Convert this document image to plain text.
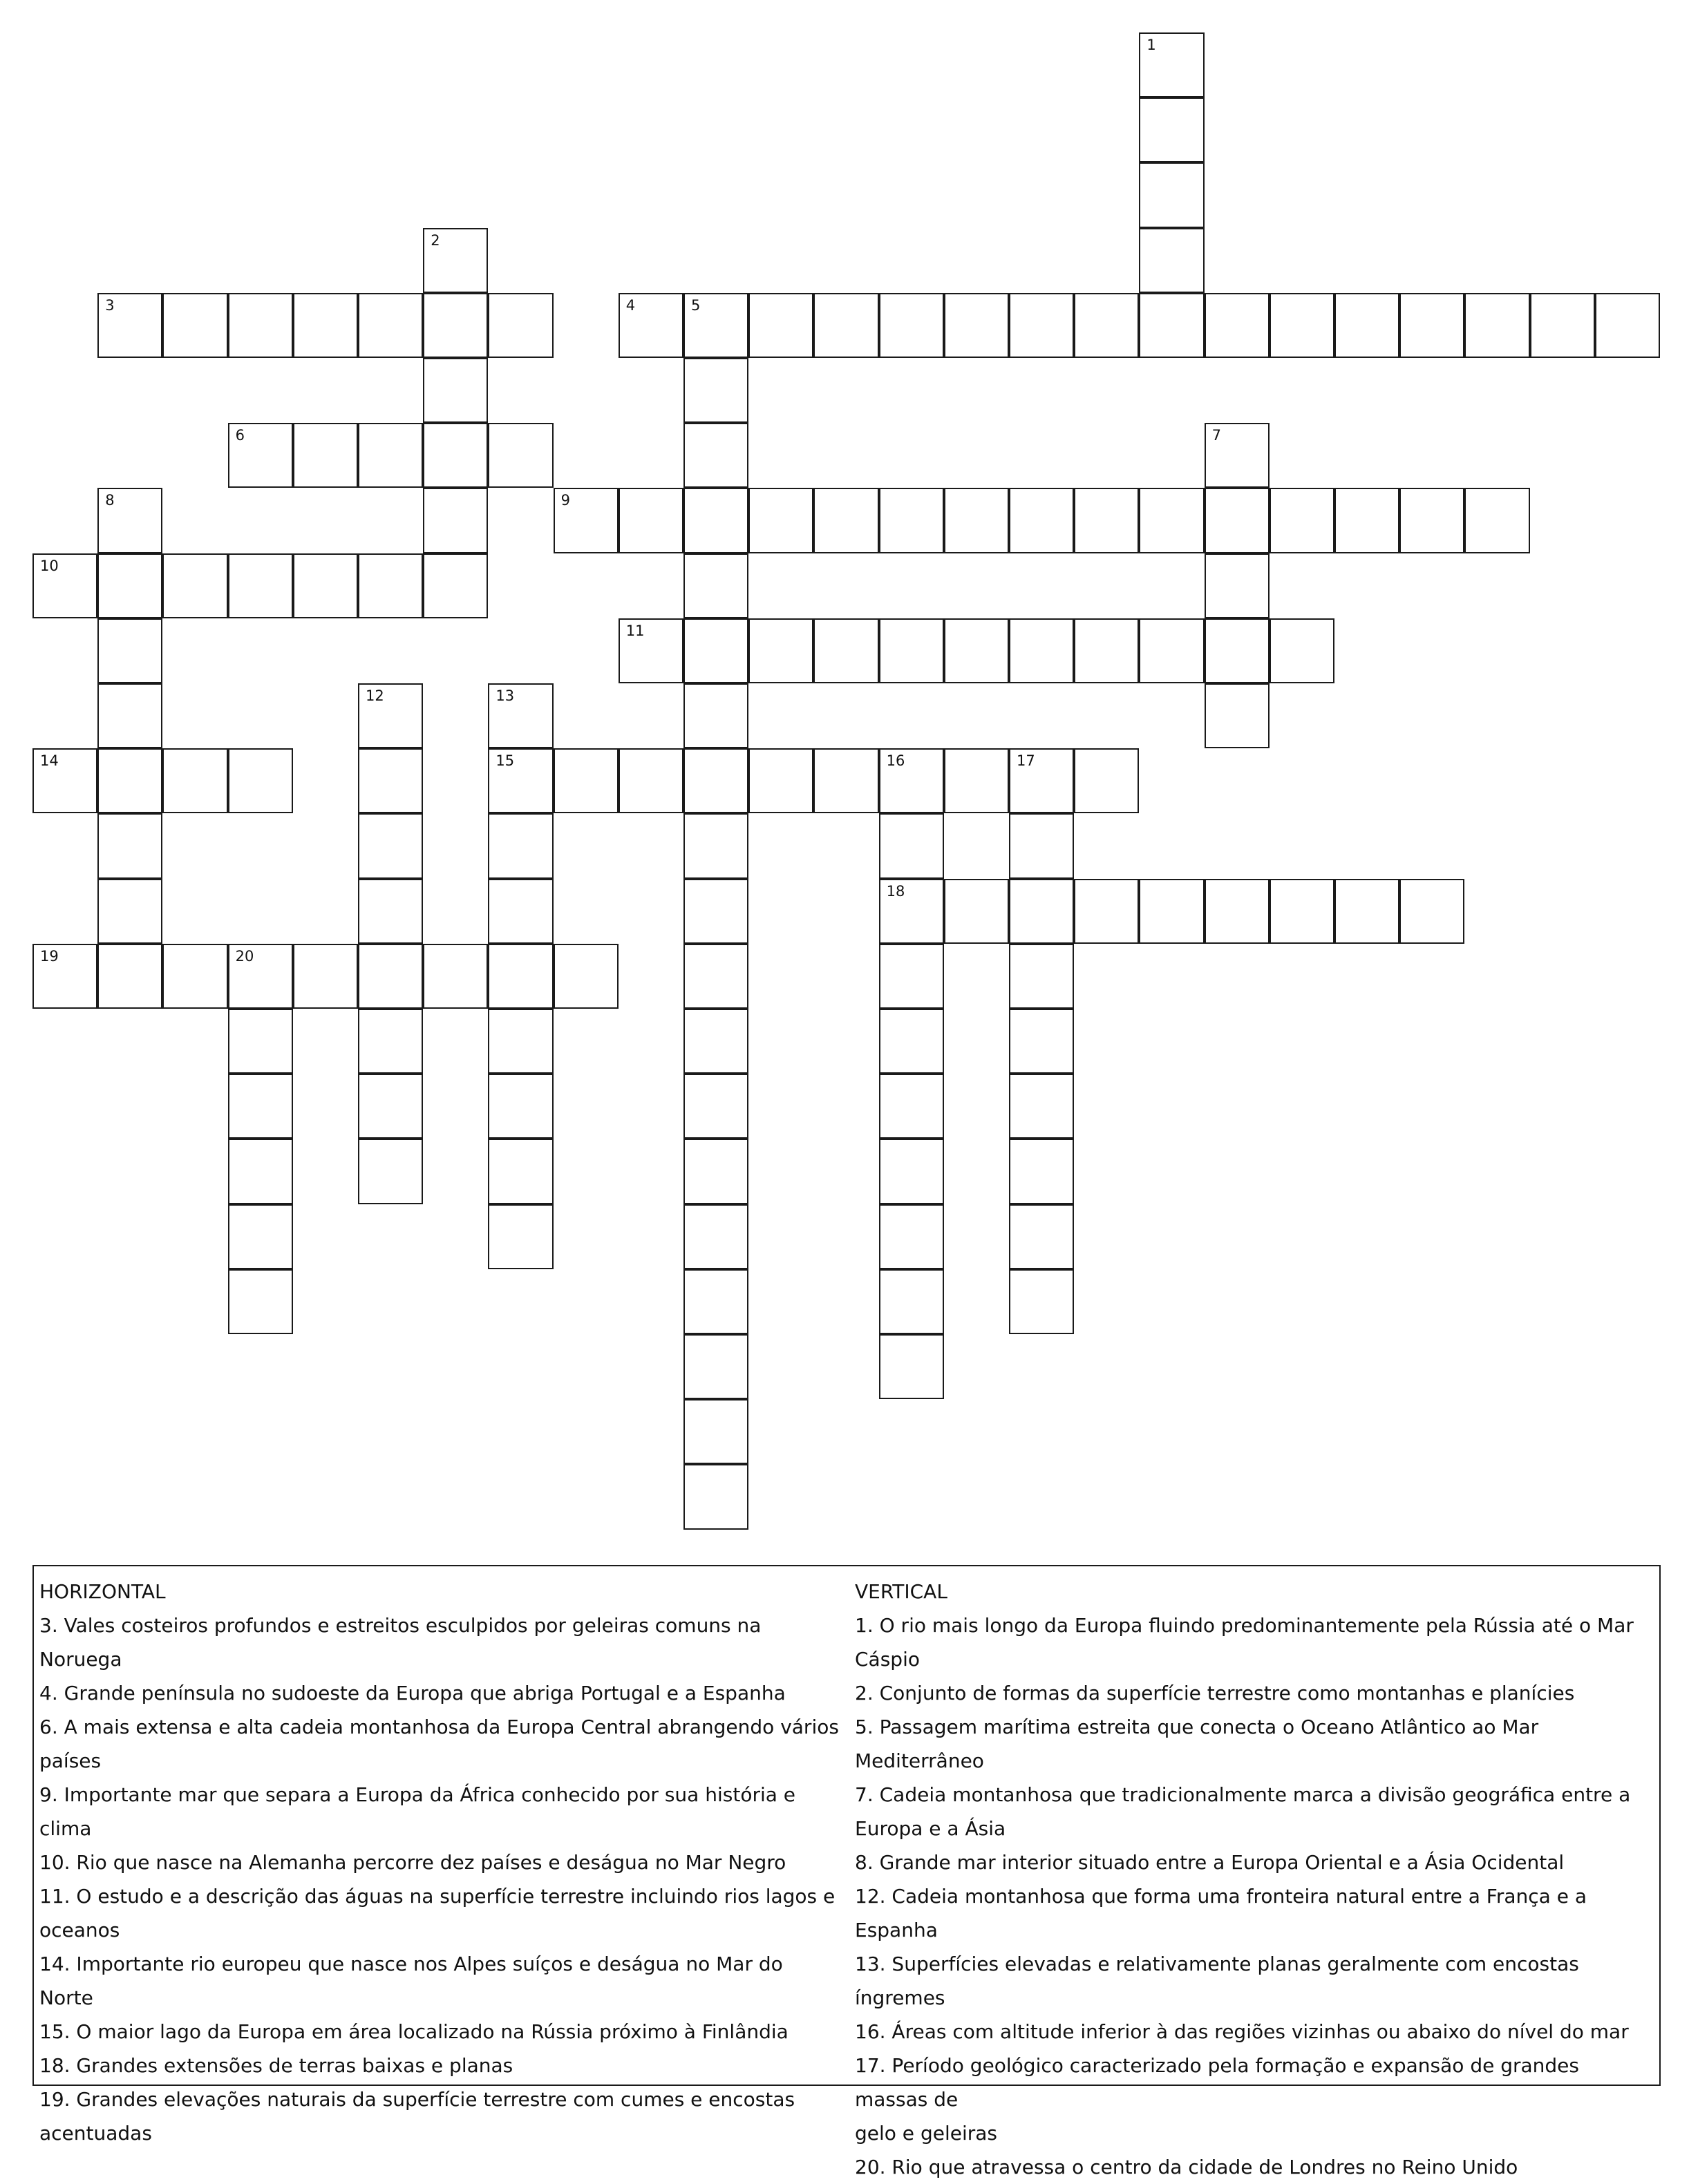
1
2
3	4	5
6	7
8	9
10
11
12	13
15
14	16	17
18
19	20
HORIZONTAL
3. Vales costeiros profundos e estreitos esculpidos por geleiras comuns na Noruega
4. Grande península no sudoeste da Europa que abriga Portugal e a Espanha
6. A mais extensa e alta cadeia montanhosa da Europa Central abrangendo vários
países
9. Importante mar que separa a Europa da África conhecido por sua história e clima
10. Rio que nasce na Alemanha percorre dez países e deságua no Mar Negro
11. O estudo e a descrição das águas na superfície terrestre incluindo rios lagos e
oceanos
14. Importante rio europeu que nasce nos Alpes suíços e deságua no Mar do Norte
15. O maior lago da Europa em área localizado na Rússia próximo à Finlândia
18. Grandes extensões de terras baixas e planas
19. Grandes elevações naturais da superfície terrestre com cumes e encostas
acentuadas
VERTICAL
1. O rio mais longo da Europa fluindo predominantemente pela Rússia até o Mar
Cáspio
2. Conjunto de formas da superfície terrestre como montanhas e planícies
5. Passagem marítima estreita que conecta o Oceano Atlântico ao Mar Mediterrâneo
7. Cadeia montanhosa que tradicionalmente marca a divisão geográfica entre a
Europa e a Ásia
8. Grande mar interior situado entre a Europa Oriental e a Ásia Ocidental
12. Cadeia montanhosa que forma uma fronteira natural entre a França e a Espanha
13. Superfícies elevadas e relativamente planas geralmente com encostas íngremes
16. Áreas com altitude inferior à das regiões vizinhas ou abaixo do nível do mar
17. Período geológico caracterizado pela formação e expansão de grandes massas de
gelo e geleiras
20. Rio que atravessa o centro da cidade de Londres no Reino Unido
